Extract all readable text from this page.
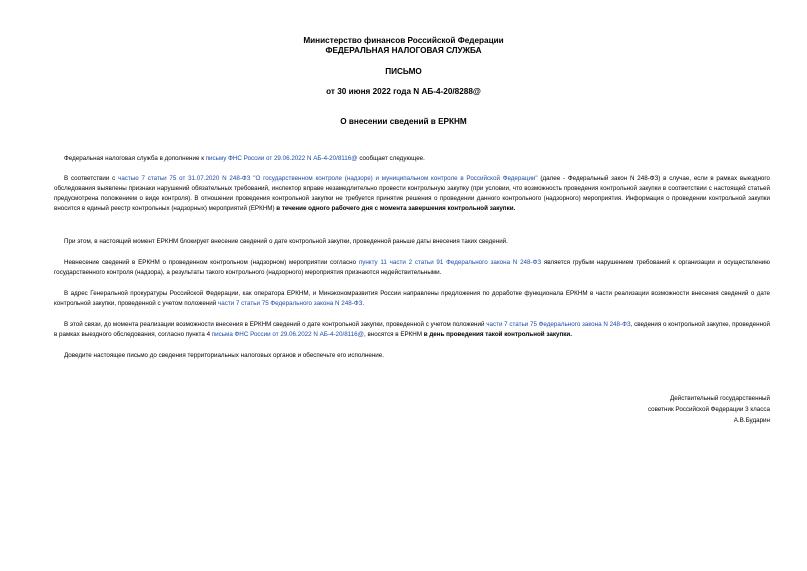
Министерство финансов Российской Федерации
ФЕДЕРАЛЬНАЯ НАЛОГОВАЯ СЛУЖБА
ПИСЬМО
от 30 июня 2022 года N АБ-4-20/8288@
О внесении сведений в ЕРКНМ
Федеральная налоговая служба в дополнение к письму ФНС России от 29.06.2022 N АБ-4-20/8116@ сообщает следующее.
В соответствии с частью 7 статьи 75 от 31.07.2020 N 248-ФЗ "О государственном контроле (надзоре) и муниципальном контроле в Российской Федерации" (далее - Федеральный закон N 248-ФЗ) в случае, если в рамках выездного обследования выявлены признаки нарушений обязательных требований, инспектор вправе незамедлительно провести контрольную закупку (при условии, что возможность проведения контрольной закупки в соответствии с настоящей статьей предусмотрена положением о виде контроля). В отношении проведения контрольной закупки не требуется принятие решения о проведении данного контрольного (надзорного) мероприятия. Информация о проведении контрольной закупки вносится в единый реестр контрольных (надзорных) мероприятий (ЕРКНМ) в течение одного рабочего дня с момента завершения контрольной закупки.
При этом, в настоящий момент ЕРКНМ блокирует внесение сведений о дате контрольной закупки, проведенной раньше даты внесения таких сведений.
Невнесение сведений в ЕРКНМ о проведенном контрольном (надзорном) мероприятии согласно пункту 11 части 2 статьи 91 Федерального закона N 248-ФЗ является грубым нарушением требований к организации и осуществлению государственного контроля (надзора), а результаты такого контрольного (надзорного) мероприятия признаются недействительными.
В адрес Генеральной прокуратуры Российской Федерации, как оператора ЕРКНМ, и Минэкономразвития России направлены предложения по доработке функционала ЕРКНМ в части реализации возможности внесения сведений о дате контрольной закупки, проведенной с учетом положений части 7 статьи 75 Федерального закона N 248-ФЗ.
В этой связи, до момента реализации возможности внесения в ЕРКНМ сведений о дате контрольной закупки, проведенной с учетом положений части 7 статьи 75 Федерального закона N 248-ФЗ, сведения о контрольной закупке, проведенной в рамках выездного обследования, согласно пункта 4 письма ФНС России от 29.06.2022 N АБ-4-20/8116@, вносятся в ЕРКНМ в день проведения такой контрольной закупки.
Доведите настоящее письмо до сведения территориальных налоговых органов и обеспечьте его исполнение.
Действительный государственный
советник Российской Федерации 3 класса
А.В.Бударин
